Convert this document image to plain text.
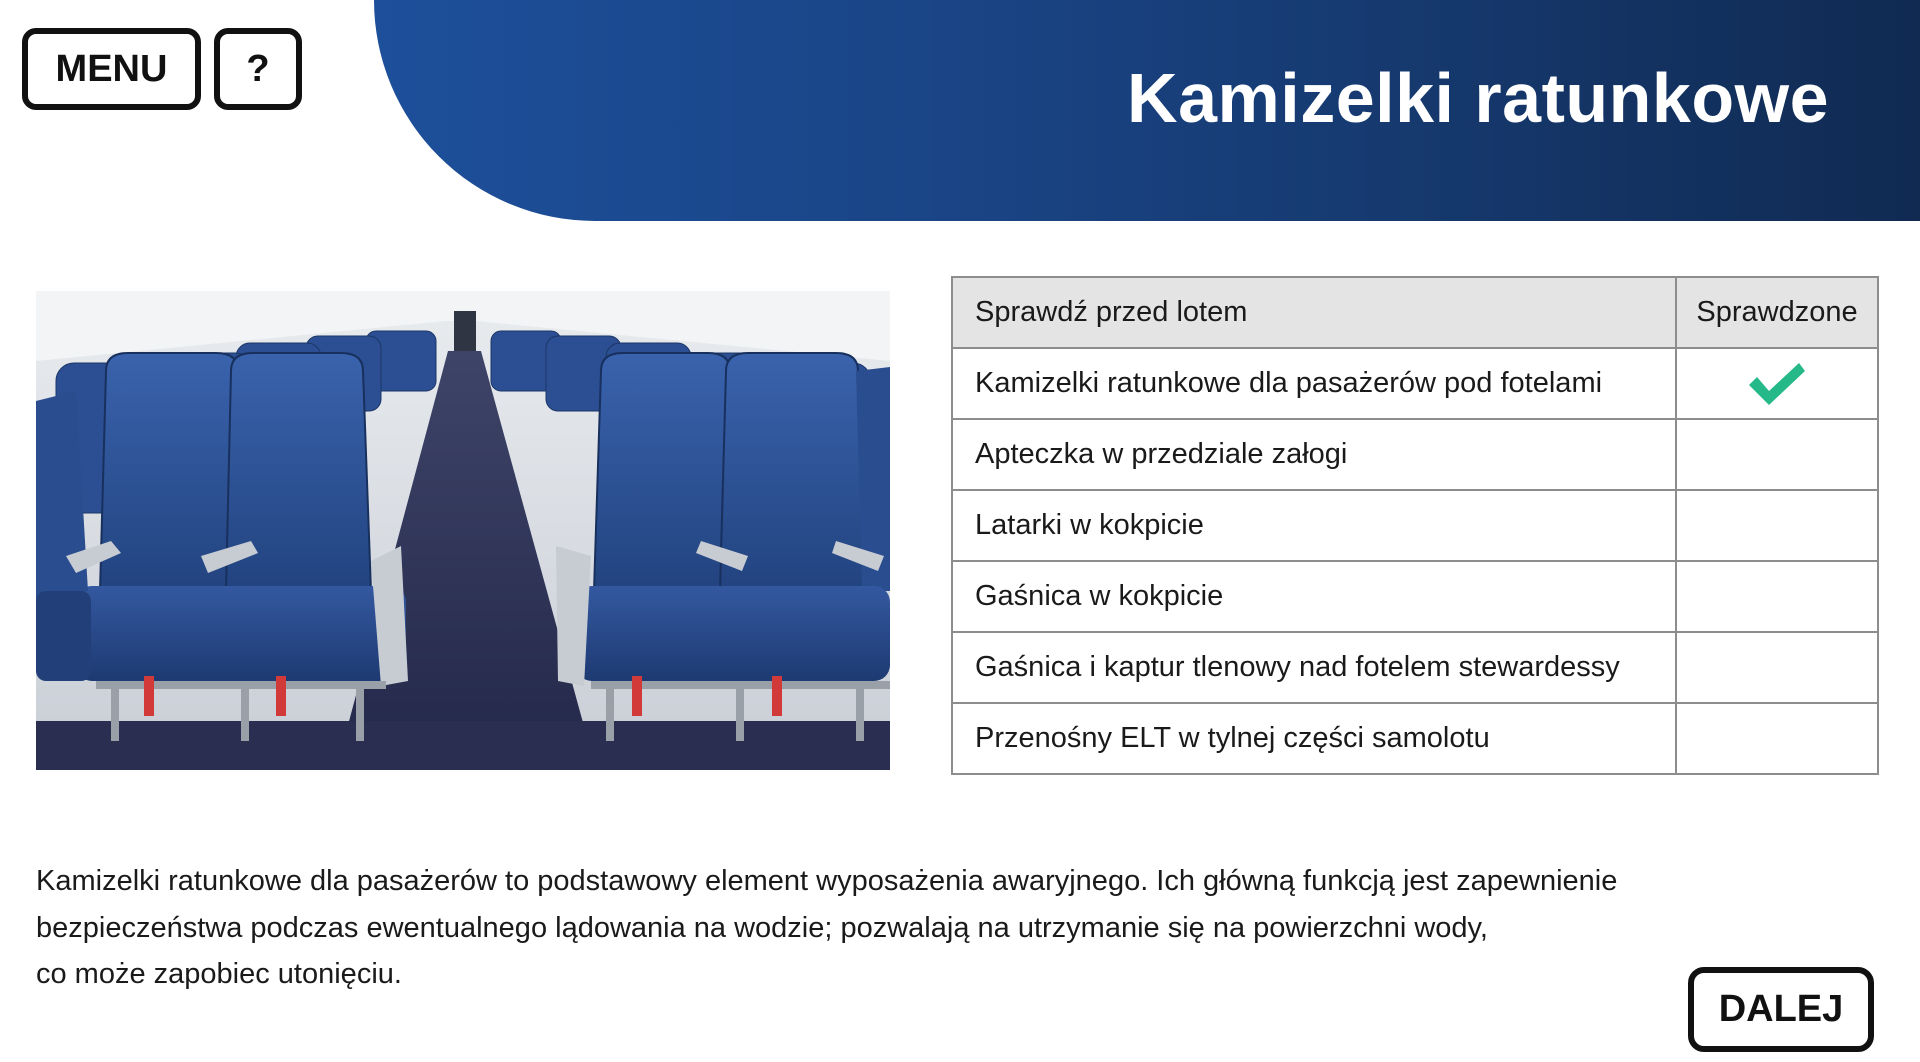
MENU	?	Kamizelki ratunkowe
Sprawdź przed lotem	Sprawdzone
Kamizelki ratunkowe dla pasażerów pod fotelami	
Apteczka w przedziale załogi	
Latarki w kokpicie	
Gaśnica w kokpicie	
Gaśnica i kaptur tlenowy nad fotelem stewardessy	
Przenośny ELT w tylnej części samolotu	

Kamizelki ratunkowe dla pasażerów to podstawowy element wyposażenia awaryjnego. Ich główną funkcją jest zapewnienie
bezpieczeństwa podczas ewentualnego lądowania na wodzie; pozwalają na utrzymanie się na powierzchni wody,
co może zapobiec utonięciu.

DALEJ
